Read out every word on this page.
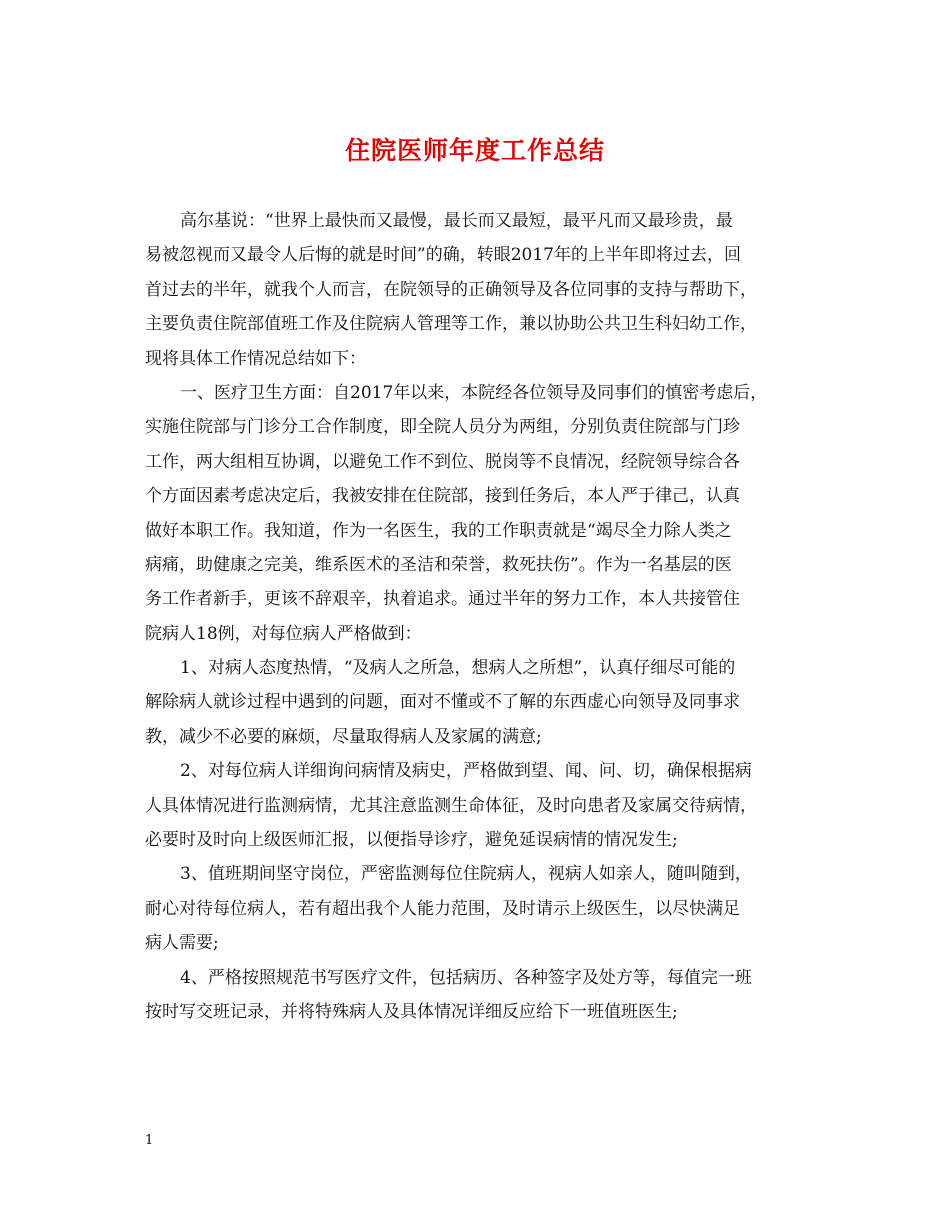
住院医师年度工作总结
高尔基说：“世界上最快而又最慢，最长而又最短，最平凡而又最珍贵，最
易被忽视而又最令人后悔的就是时间”的确，转眼2017年的上半年即将过去，回
首过去的半年，就我个人而言，在院领导的正确领导及各位同事的支持与帮助下，
主要负责住院部值班工作及住院病人管理等工作，兼以协助公共卫生科妇幼工作，
现将具体工作情况总结如下：
一、医疗卫生方面：自2017年以来，本院经各位领导及同事们的慎密考虑后，
实施住院部与门诊分工合作制度，即全院人员分为两组，分别负责住院部与门珍
工作，两大组相互协调，以避免工作不到位、脱岗等不良情况，经院领导综合各
个方面因素考虑决定后，我被安排在住院部，接到任务后，本人严于律己，认真
做好本职工作。我知道，作为一名医生，我的工作职责就是“竭尽全力除人类之
病痛，助健康之完美，维系医术的圣洁和荣誉，救死扶伤”。作为一名基层的医
务工作者新手，更该不辞艰辛，执着追求。通过半年的努力工作，本人共接管住
院病人18例，对每位病人严格做到：
1、对病人态度热情，“及病人之所急，想病人之所想”，认真仔细尽可能的
解除病人就诊过程中遇到的问题，面对不懂或不了解的东西虚心向领导及同事求
教，减少不必要的麻烦，尽量取得病人及家属的满意;
2、对每位病人详细询问病情及病史，严格做到望、闻、问、切，确保根据病
人具体情况进行监测病情，尤其注意监测生命体征，及时向患者及家属交待病情，
必要时及时向上级医师汇报，以便指导诊疗，避免延误病情的情况发生;
3、值班期间坚守岗位，严密监测每位住院病人，视病人如亲人，随叫随到，
耐心对待每位病人，若有超出我个人能力范围，及时请示上级医生，以尽快满足
病人需要;
4、严格按照规范书写医疗文件，包括病历、各种签字及处方等，每值完一班
按时写交班记录，并将特殊病人及具体情况详细反应给下一班值班医生;
1
